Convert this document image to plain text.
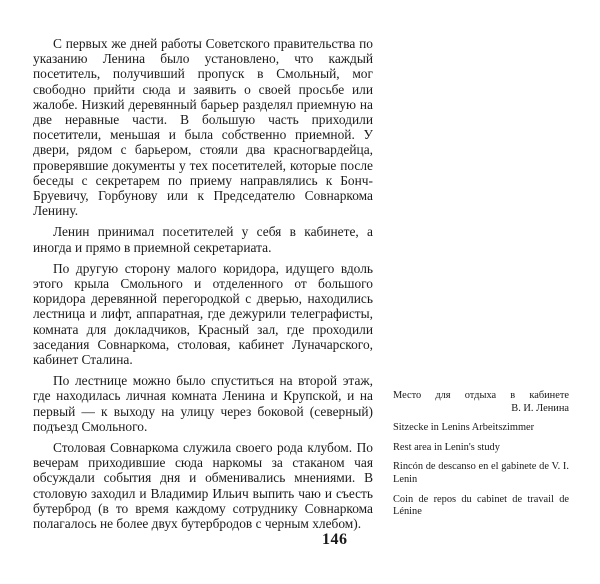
С первых же дней работы Советского правительства по указанию Ленина было установлено, что каждый посетитель, получивший пропуск в Смольный, мог свободно прийти сюда и заявить о своей просьбе или жалобе. Низкий деревянный барьер разделял приемную на две неравные части. В большую часть приходили посетители, меньшая и была собственно приемной. У двери, рядом с барьером, стояли два красногвардейца, проверявшие документы у тех посетителей, которые после беседы с секретарем по приему направлялись к Бонч-Бруевичу, Горбунову или к Председателю Совнаркома Ленину.

Ленин принимал посетителей у себя в кабинете, а иногда и прямо в приемной секретариата.

По другую сторону малого коридора, идущего вдоль этого крыла Смольного и отделенного от большого коридора деревянной перегородкой с дверью, находились лестница и лифт, аппаратная, где дежурили телеграфисты, комната для докладчиков, Красный зал, где проходили заседания Совнаркома, столовая, кабинет Луначарского, кабинет Сталина.

По лестнице можно было спуститься на второй этаж, где находилась личная комната Ленина и Крупской, и на первый — к выходу на улицу через боковой (северный) подъезд Смольного.

Столовая Совнаркома служила своего рода клубом. По вечерам приходившие сюда наркомы за стаканом чая обсуждали события дня и обменивались мнениями. В столовую заходил и Владимир Ильич выпить чаю и съесть бутерброд (в то время каждому сотруднику Совнаркома полагалось не более двух бутербродов с черным хлебом).

Место для отдыха в кабинете
В. И. Ленина

Sitzecke in Lenins Arbeitszimmer

Rest area in Lenin's study

Rincón de descanso en el gabinete de V. I. Lenin

Coin de repos du cabinet de travail de Lénine

146
